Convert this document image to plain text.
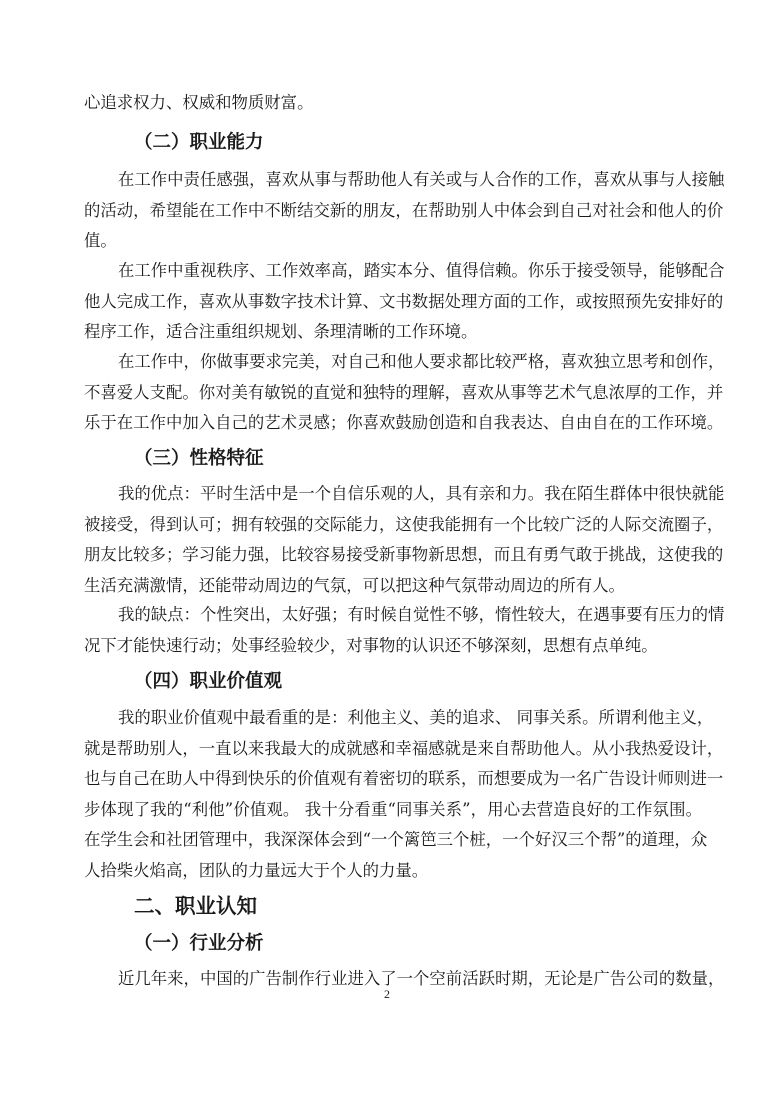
心追求权力、权威和物质财富。
（二）职业能力
在工作中责任感强，喜欢从事与帮助他人有关或与人合作的工作，喜欢从事与人接触
的活动，希望能在工作中不断结交新的朋友，在帮助别人中体会到自己对社会和他人的价
值。
在工作中重视秩序、工作效率高，踏实本分、值得信赖。你乐于接受领导，能够配合
他人完成工作，喜欢从事数字技术计算、文书数据处理方面的工作，或按照预先安排好的
程序工作，适合注重组织规划、条理清晰的工作环境。
在工作中，你做事要求完美，对自己和他人要求都比较严格，喜欢独立思考和创作，
不喜爱人支配。你对美有敏锐的直觉和独特的理解，喜欢从事等艺术气息浓厚的工作，并
乐于在工作中加入自己的艺术灵感；你喜欢鼓励创造和自我表达、自由自在的工作环境。
（三）性格特征
我的优点：平时生活中是一个自信乐观的人，具有亲和力。我在陌生群体中很快就能
被接受，得到认可；拥有较强的交际能力，这使我能拥有一个比较广泛的人际交流圈子，
朋友比较多；学习能力强，比较容易接受新事物新思想，而且有勇气敢于挑战，这使我的
生活充满激情，还能带动周边的气氛，可以把这种气氛带动周边的所有人。
我的缺点：个性突出，太好强；有时候自觉性不够，惰性较大，在遇事要有压力的情
况下才能快速行动；处事经验较少，对事物的认识还不够深刻，思想有点单纯。
（四）职业价值观
我的职业价值观中最看重的是：利他主义、美的追求、 同事关系。所谓利他主义，
就是帮助别人，一直以来我最大的成就感和幸福感就是来自帮助他人。从小我热爱设计，
也与自己在助人中得到快乐的价值观有着密切的联系，而想要成为一名广告设计师则进一
步体现了我的“利他”价值观。 我十分看重“同事关系”，用心去营造良好的工作氛围。
在学生会和社团管理中，我深深体会到“一个篱笆三个桩，一个好汉三个帮”的道理，众
人拾柴火焰高，团队的力量远大于个人的力量。
二、职业认知
（一）行业分析
近几年来，中国的广告制作行业进入了一个空前活跃时期，无论是广告公司的数量，
2
